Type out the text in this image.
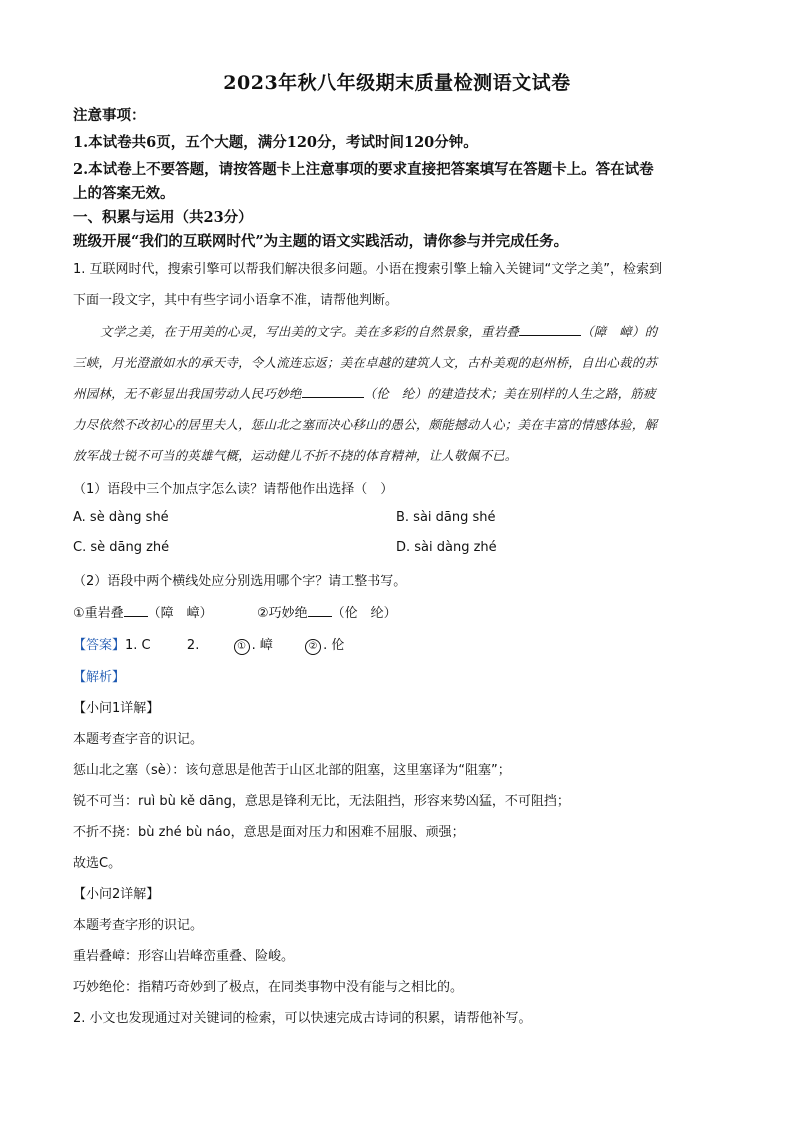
2023年秋八年级期末质量检测语文试卷
注意事项：
1.本试卷共6页，五个大题，满分120分，考试时间120分钟。
2.本试卷上不要答题，请按答题卡上注意事项的要求直接把答案填写在答题卡上。答在试卷
上的答案无效。
一、积累与运用（共23分）
班级开展“我们的互联网时代”为主题的语文实践活动，请你参与并完成任务。
1. 互联网时代，搜索引擎可以帮我们解决很多问题。小语在搜索引擎上输入关键词“文学之美”，检索到
下面一段文字，其中有些字词小语拿不准，请帮他判断。
文学之美，在于用美的心灵，写出美的文字。美在多彩的自然景象，重岩叠	（障　嶂）的
三峡，月光澄澈如水的承天寺，令人流连忘返；美在卓越的建筑人文，古朴美观的赵州桥，自出心裁的苏
州园林，无不彰显出我国劳动人民巧妙绝	（伦　纶）的建造技术；美在别样的人生之路，筋疲
力尽依然不改初心的居里夫人，惩山北之塞而决心移山的愚公，颇能撼动人心；美在丰富的情感体验，解
放军战士锐不可当的英雄气概，运动健儿不折不挠的体育精神，让人敬佩不已。
（1）语段中三个加点字怎么读？请帮他作出选择（　）
A. sè dàng shé	B. sài dāng shé
C. sè dāng zhé	D. sài dàng zhé
（2）语段中两个横线处应分别选用哪个字？请工整书写。
①重岩叠 （障　嶂）	②巧妙绝 （伦　纶）
【答案】1. C	2.	① . 嶂	② . 伦
【解析】
【小问1详解】
本题考查字音的识记。
惩山北之塞（sè）：该句意思是他苦于山区北部的阻塞，这里塞译为“阻塞”；
锐不可当：ruì bù kě dāng，意思是锋利无比，无法阻挡，形容来势凶猛，不可阻挡；
不折不挠：bù zhé bù náo，意思是面对压力和困难不屈服、顽强；
故选C。
【小问2详解】
本题考查字形的识记。
重岩叠嶂：形容山岩峰峦重叠、险峻。
巧妙绝伦：指精巧奇妙到了极点，在同类事物中没有能与之相比的。
2. 小文也发现通过对关键词的检索，可以快速完成古诗词的积累，请帮他补写。
